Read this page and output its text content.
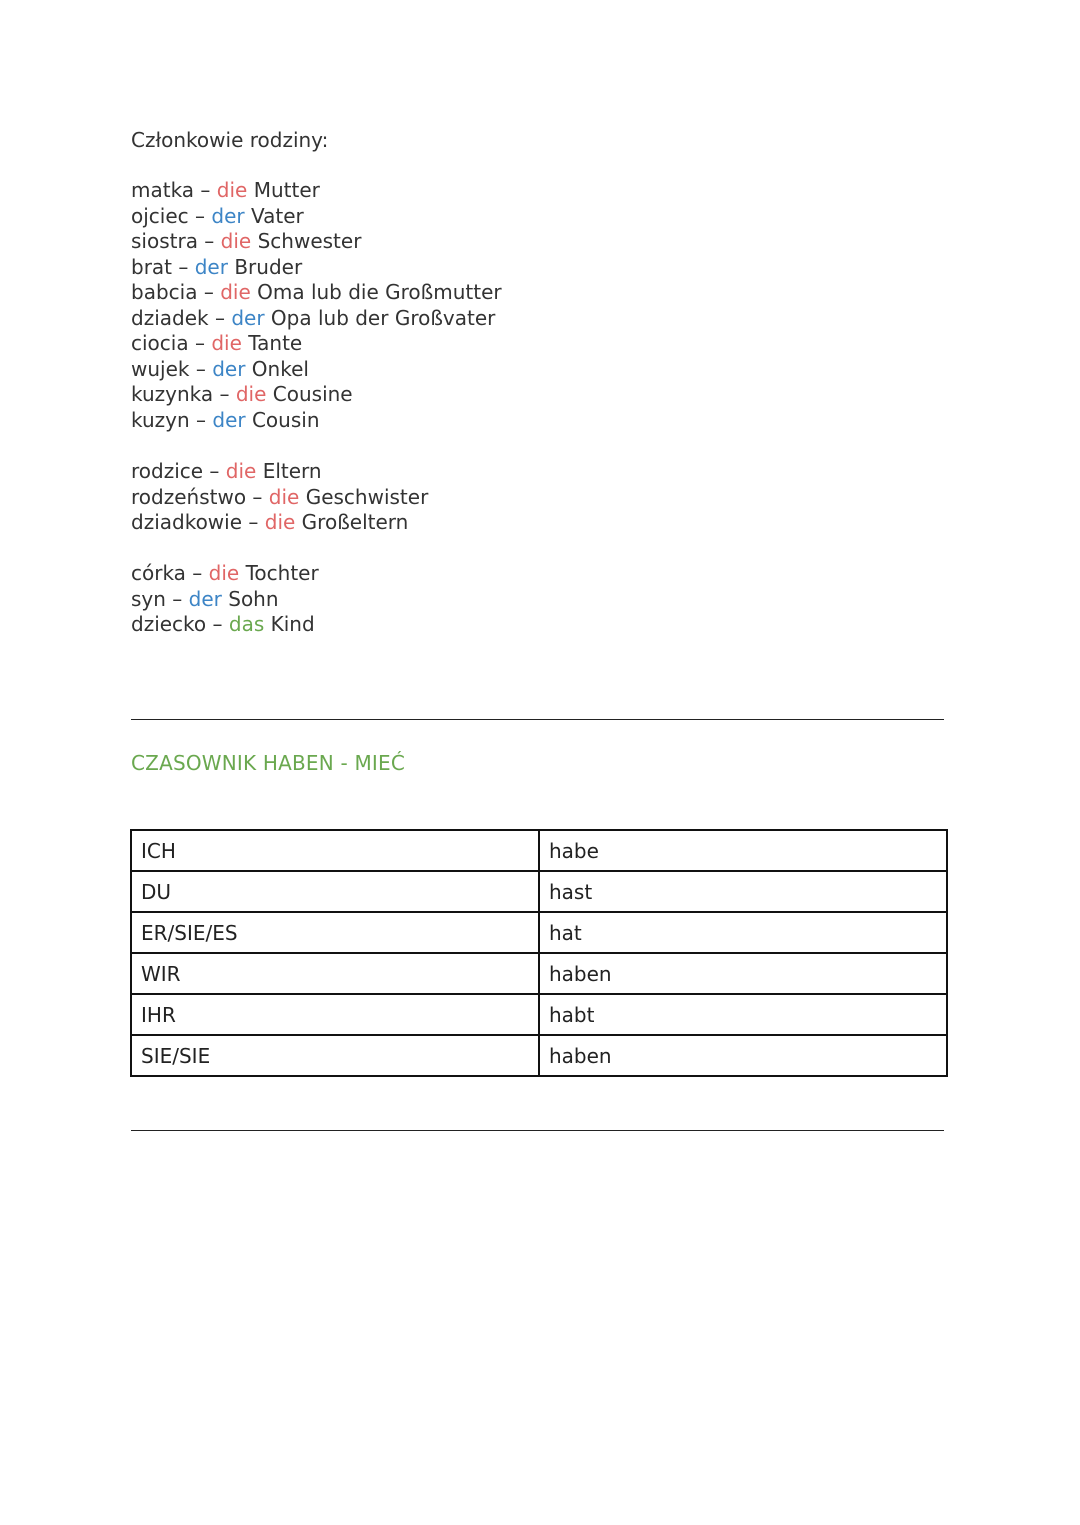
Członkowie rodziny:
matka – die Mutter
ojciec – der Vater
siostra – die Schwester
brat – der Bruder
babcia – die Oma lub die Großmutter
dziadek – der Opa lub der Großvater
ciocia – die Tante
wujek – der Onkel
kuzynka – die Cousine
kuzyn – der Cousin
rodzice – die Eltern
rodzeństwo – die Geschwister
dziadkowie – die Großeltern
córka – die Tochter
syn – der Sohn
dziecko – das Kind
CZASOWNIK HABEN - MIEĆ
ICH	habe
DU	hast
ER/SIE/ES	hat
WIR	haben
IHR	habt
SIE/SIE	haben
